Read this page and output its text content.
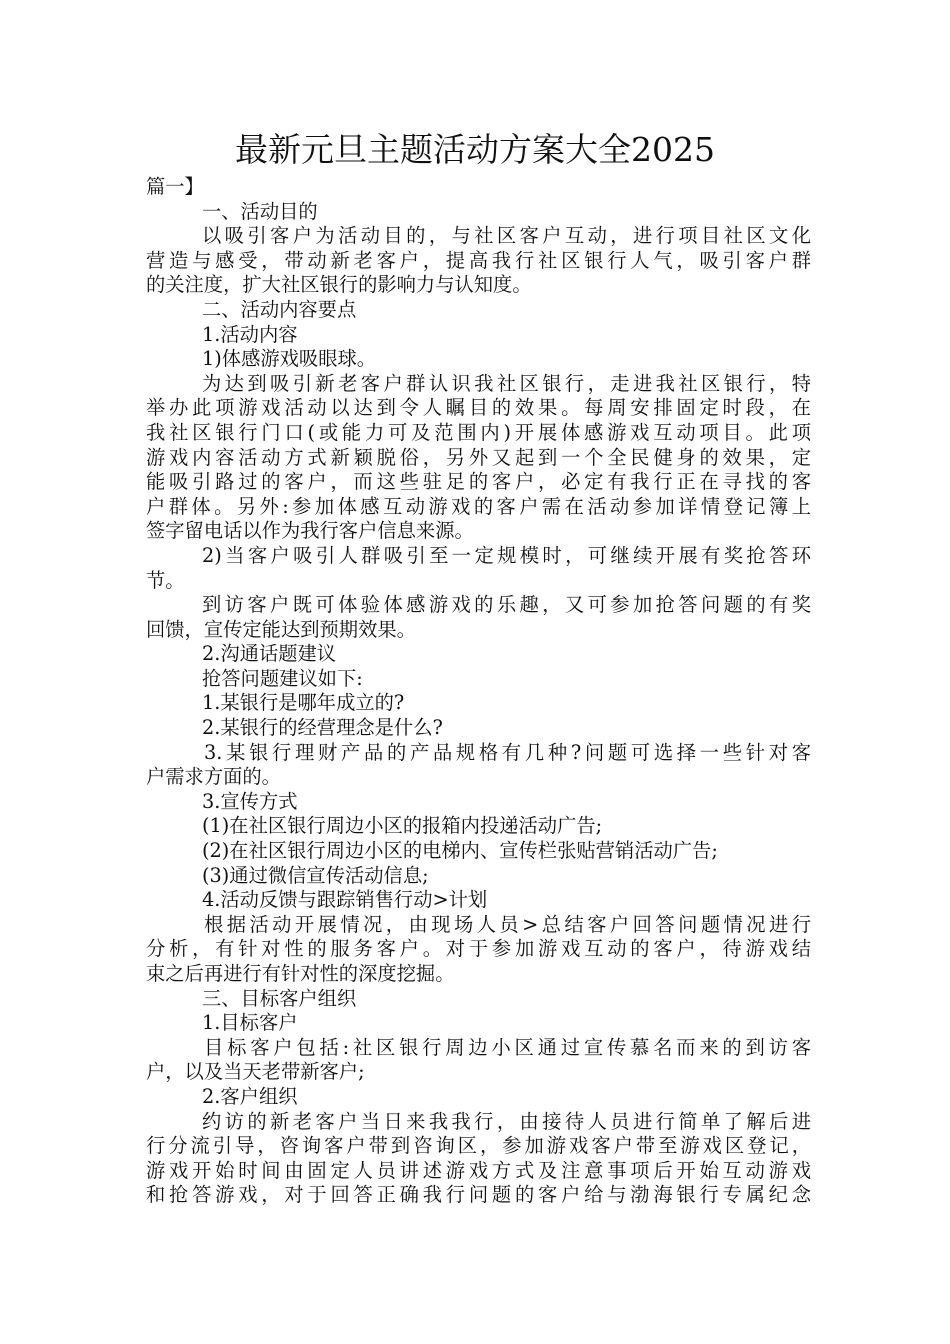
最新元旦主题活动方案大全2025
篇一】
一、活动目的
以吸引客户为活动目的，与社区客户互动，进行项目社区文化
营造与感受，带动新老客户，提高我行社区银行人气，吸引客户群
的关注度，扩大社区银行的影响力与认知度。
二、活动内容要点
1.活动内容
1)体感游戏吸眼球。
为达到吸引新老客户群认识我社区银行，走进我社区银行，特
举办此项游戏活动以达到令人瞩目的效果。每周安排固定时段，在
我社区银行门口(或能力可及范围内)开展体感游戏互动项目。此项
游戏内容活动方式新颖脱俗，另外又起到一个全民健身的效果，定
能吸引路过的客户，而这些驻足的客户，必定有我行正在寻找的客
户群体。另外:参加体感互动游戏的客户需在活动参加详情登记簿上
签字留电话以作为我行客户信息来源。
2)当客户吸引人群吸引至一定规模时，可继续开展有奖抢答环
节。
到访客户既可体验体感游戏的乐趣，又可参加抢答问题的有奖
回馈，宣传定能达到预期效果。
2.沟通话题建议
抢答问题建议如下:
1.某银行是哪年成立的?
2.某银行的经营理念是什么?
3.某银行理财产品的产品规格有几种?问题可选择一些针对客
户需求方面的。
3.宣传方式
(1)在社区银行周边小区的报箱内投递活动广告;
(2)在社区银行周边小区的电梯内、宣传栏张贴营销活动广告;
(3)通过微信宣传活动信息;
4.活动反馈与跟踪销售行动>计划
根据活动开展情况，由现场人员>总结客户回答问题情况进行
分析，有针对性的服务客户。对于参加游戏互动的客户，待游戏结
束之后再进行有针对性的深度挖掘。
三、目标客户组织
1.目标客户
目标客户包括:社区银行周边小区通过宣传慕名而来的到访客
户，以及当天老带新客户;
2.客户组织
约访的新老客户当日来我我行，由接待人员进行简单了解后进
行分流引导，咨询客户带到咨询区，参加游戏客户带至游戏区登记，
游戏开始时间由固定人员讲述游戏方式及注意事项后开始互动游戏
和抢答游戏，对于回答正确我行问题的客户给与渤海银行专属纪念
